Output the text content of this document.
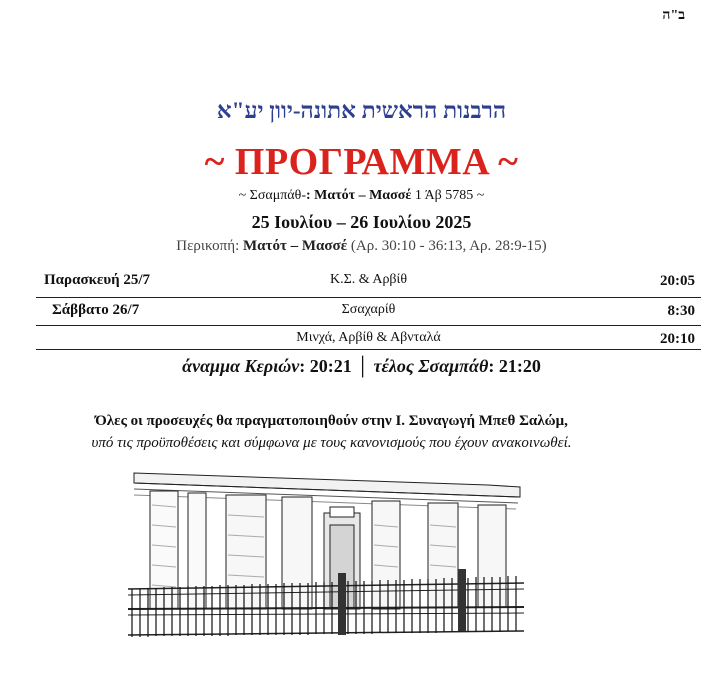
ב"ה
הרבנות הראשית אתונה-יוון יע"א
~ ΠΡΟΓΡΑΜΜΑ ~
~ Σσαμπάθ-: Ματότ – Μασσέ 1 Άβ 5785 ~
25 Ιουλίου – 26 Ιουλίου 2025
Περικοπή: Ματότ – Μασσέ (Αρ. 30:10 - 36:13, Αρ. 28:9-15)
Παρασκευή 25/7	Κ.Σ. & Αρβίθ	20:05
Σάββατο 26/7	Σσαχαρίθ	8:30
Μινχά, Αρβίθ & Αβνταλά	20:10
άναμμα Κεριών: 20:21 │ τέλος Σσαμπάθ: 21:20
Όλες οι προσευχές θα πραγματοποιηθούν στην Ι. Συναγωγή Μπεθ Σαλώμ,
υπό τις προϋποθέσεις και σύμφωνα με τους κανονισμούς που έχουν ανακοινωθεί.
